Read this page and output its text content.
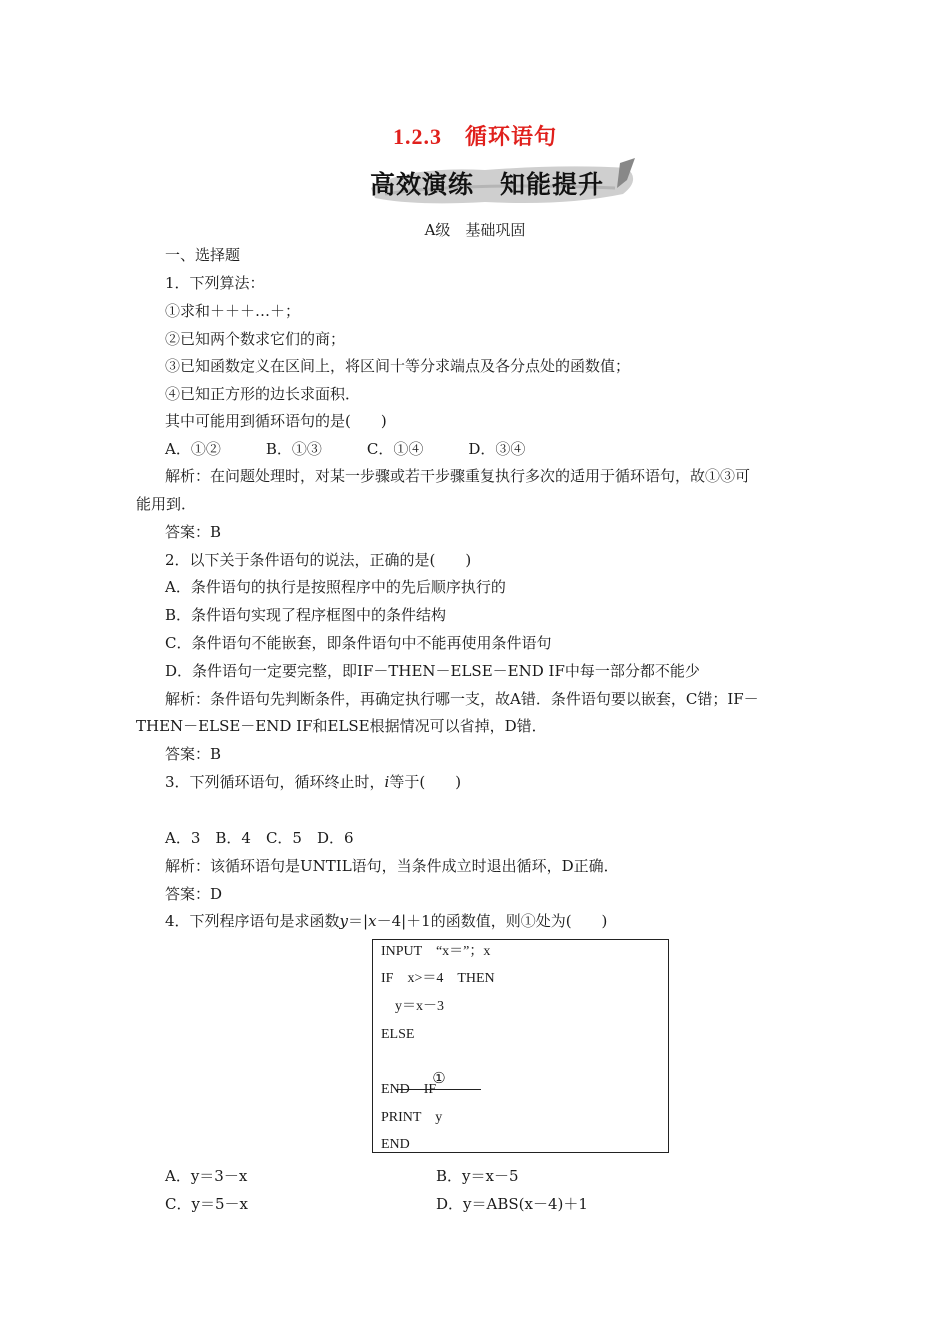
1.2.3　循环语句
高效演练　知能提升
A级　基础巩固
一、选择题
1．下列算法：
①求和＋＋＋…＋；
②已知两个数求它们的商；
③已知函数定义在区间上，将区间十等分求端点及各分点处的函数值；
④已知正方形的边长求面积．
其中可能用到循环语句的是(　　)
A．①②　　　B．①③　　　C．①④　　　D．③④
解析：在问题处理时，对某一步骤或若干步骤重复执行多次的适用于循环语句，故①③可
能用到．
答案：B
2．以下关于条件语句的说法，正确的是(　　)
A．条件语句的执行是按照程序中的先后顺序执行的
B．条件语句实现了程序框图中的条件结构
C．条件语句不能嵌套，即条件语句中不能再使用条件语句
D．条件语句一定要完整，即IF－THEN－ELSE－END IF中每一部分都不能少
解析：条件语句先判断条件，再确定执行哪一支，故A错．条件语句要以嵌套，C错；IF－
THEN－ELSE－END IF和ELSE根据情况可以省掉，D错．
答案：B
3．下列循环语句，循环终止时，i等于(　　)
A．3　B．4　C．5　D．6
解析：该循环语句是UNTIL语句，当条件成立时退出循环，D正确．
答案：D
4．下列程序语句是求函数y＝|x－4|＋1的函数值，则①处为(　　)
INPUT　“x＝”；x
IF　x>＝4　THEN
　y＝x－3
ELSE
①
END　IF
PRINT　y
END
A．y＝3－x	B．y＝x－5
C．y＝5－x	D．y＝ABS(x－4)＋1
